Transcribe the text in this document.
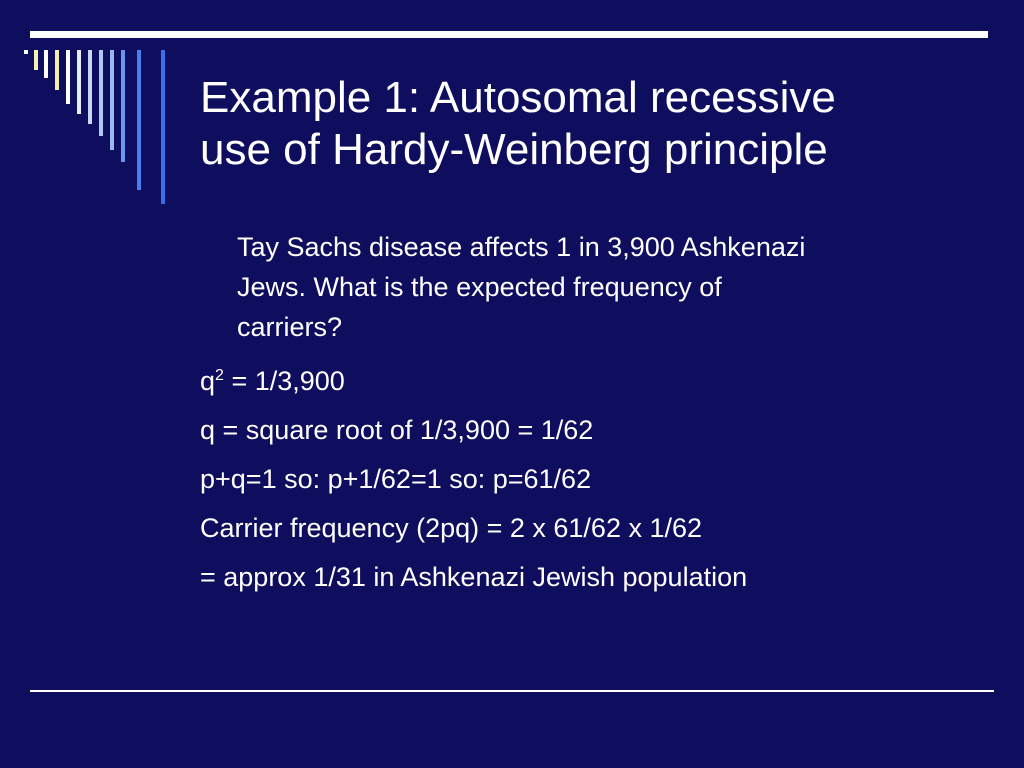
Example 1: Autosomal recessive
use of Hardy-Weinberg principle
Tay Sachs disease affects 1 in 3,900 Ashkenazi
Jews. What is the expected frequency of
carriers?
$q^2 = 1/3,900$
q = square root of 1/3,900 = 1/62
p+q=1 so: p+1/62=1 so: p=61/62
Carrier frequency (2pq) = 2 x 61/62 x 1/62
= approx 1/31 in Ashkenazi Jewish population
